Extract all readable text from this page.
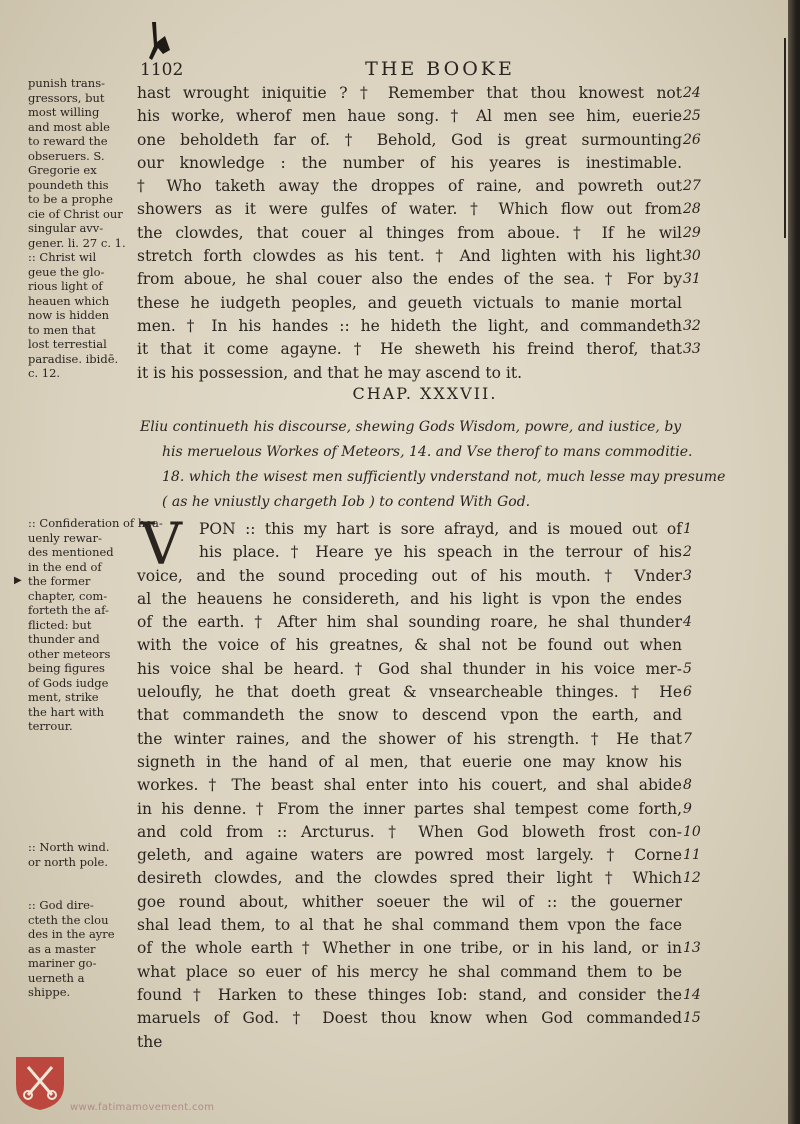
1102	THE BOOKE
punish trans-
gressors, but
most willing
and most able
to reward the
obseruers. S.
Gregorie ex
poundeth this
to be a prophe
cie of Christ our
singular avv-
gener. li. 27 c. 1.
:: Christ wil
geue the glo-
rious light of
heauen which
now is hidden
to men that
lost terrestial
paradise. ibidē.
c. 12.
hast wrought iniquitie ? † Remember that thou knowest not
his worke, wherof men haue song. † Al men see him, euerie
one beholdeth far of. † Behold, God is great surmounting
our knowledge : the number of his yeares is inestimable.
† Who taketh away the droppes of raine, and powreth out
showers as it were gulfes of water. † Which flow out from
the clowdes, that couer al thinges from aboue. † If he wil
stretch forth clowdes as his tent. † And lighten with his light
from aboue, he shal couer also the endes of the sea. † For by
these he iudgeth peoples, and geueth victuals to manie mortal
men. † In his handes :: he hideth the light, and commandeth
it that it come agayne. † He sheweth his freind therof, that
it is his possession, and that he may ascend to it.
24
25
26
27
28
29
30
31
32
33
CHAP. XXXVII.
Eliu continueth his discourse, shewing Gods Wisdom, powre, and iustice, by
his meruelous Workes of Meteors, 14. and Vse therof to mans commoditie.
18. which the wisest men sufficiently vnderstand not, much lesse may presume
( as he vniustly chargeth Iob ) to contend With God.
V
▶
:: Confideration of hea-
uenly rewar-
des mentioned
in the end of
the former
chapter, com-
forteth the af-
flicted: but
thunder and
other meteors
being figures
of Gods iudge
ment, strike
the hart with
terrour.
:: North wind.
or north pole.
:: God dire-
cteth the clou
des in the ayre
as a master
mariner go-
uerneth a
shippe.
PON :: this my hart is sore afrayd, and is moued out of
his place. † Heare ye his speach in the terrour of his
voice, and the sound proceding out of his mouth. † Vnder
al the heauens he considereth, and his light is vpon the endes
of the earth. † After him shal sounding roare, he shal thunder
with the voice of his greatnes, & shal not be found out when
his voice shal be heard. † God shal thunder in his voice mer-
ueloufly, he that doeth great & vnsearcheable thinges. † He
that commandeth the snow to descend vpon the earth, and
the winter raines, and the shower of his strength. † He that
signeth in the hand of al men, that euerie one may know his
workes. † The beast shal enter into his couert, and shal abide
in his denne. † From the inner partes shal tempest come forth,
and cold from :: Arcturus. † When God bloweth frost con-
geleth, and againe waters are powred most largely. † Corne
desireth clowdes, and the clowdes spred their light † Which
goe round about, whither soeuer the wil of :: the gouerner
shal lead them, to al that he shal command them vpon the face
of the whole earth † Whether in one tribe, or in his land, or in
what place so euer of his mercy he shal command them to be
found † Harken to these thinges Iob: stand, and consider the
maruels of God. † Doest thou know when God commanded
the
1
2
3
4
5
6
7
8
9
10
11
12
13
14
15
www.fatimamovement.com
